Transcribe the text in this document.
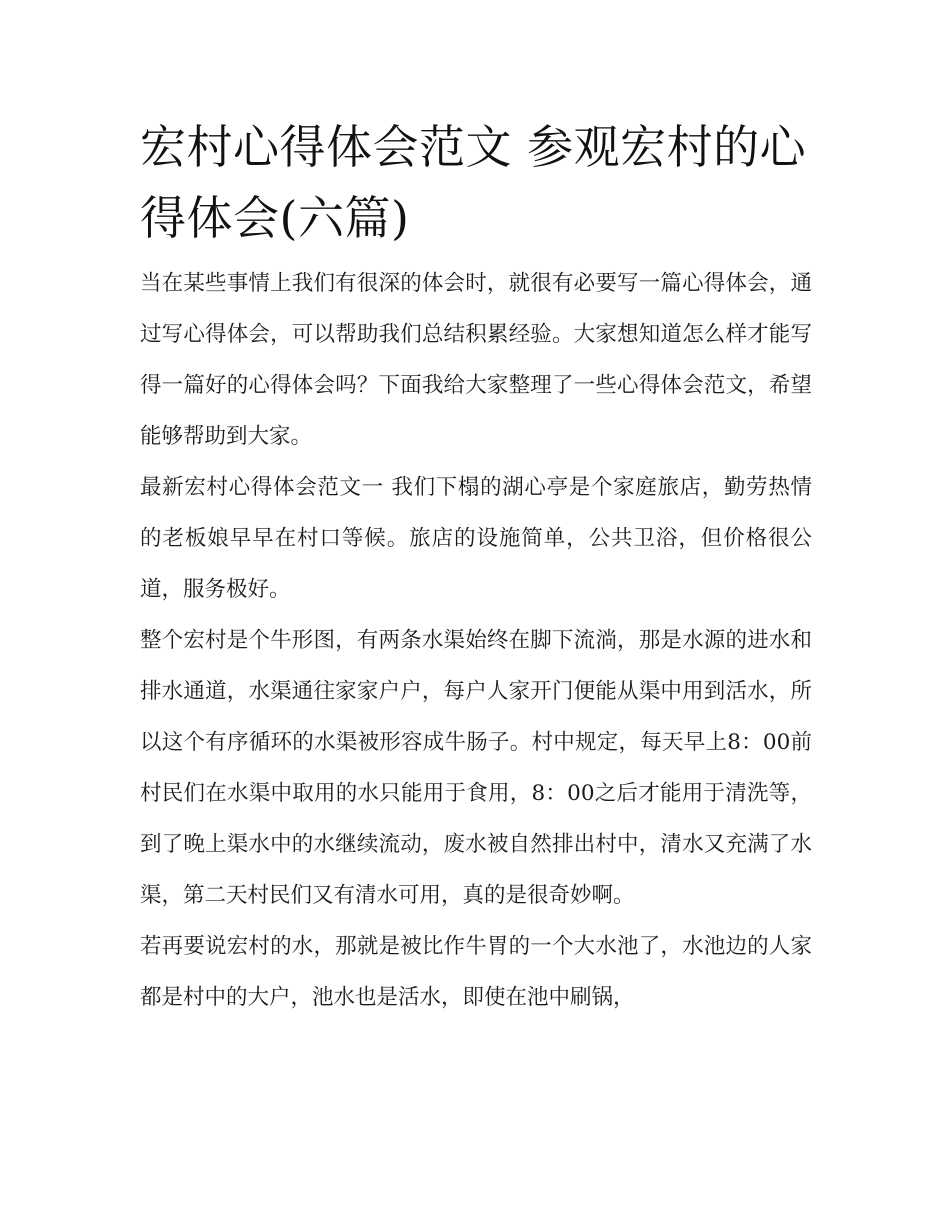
宏村心得体会范文 参观宏村的心得体会(六篇)

当在某些事情上我们有很深的体会时，就很有必要写一篇心得体会，通过写心得体会，可以帮助我们总结积累经验。大家想知道怎么样才能写得一篇好的心得体会吗？下面我给大家整理了一些心得体会范文，希望能够帮助到大家。

最新宏村心得体会范文一 我们下榻的湖心亭是个家庭旅店，勤劳热情的老板娘早早在村口等候。旅店的设施简单，公共卫浴，但价格很公道，服务极好。

整个宏村是个牛形图，有两条水渠始终在脚下流淌，那是水源的进水和排水通道，水渠通往家家户户，每户人家开门便能从渠中用到活水，所以这个有序循环的水渠被形容成牛肠子。村中规定，每天早上8：00前村民们在水渠中取用的水只能用于食用，8：00之后才能用于清洗等，到了晚上渠水中的水继续流动，废水被自然排出村中，清水又充满了水渠，第二天村民们又有清水可用，真的是很奇妙啊。

若再要说宏村的水，那就是被比作牛胃的一个大水池了，水池边的人家都是村中的大户，池水也是活水，即使在池中刷锅，
